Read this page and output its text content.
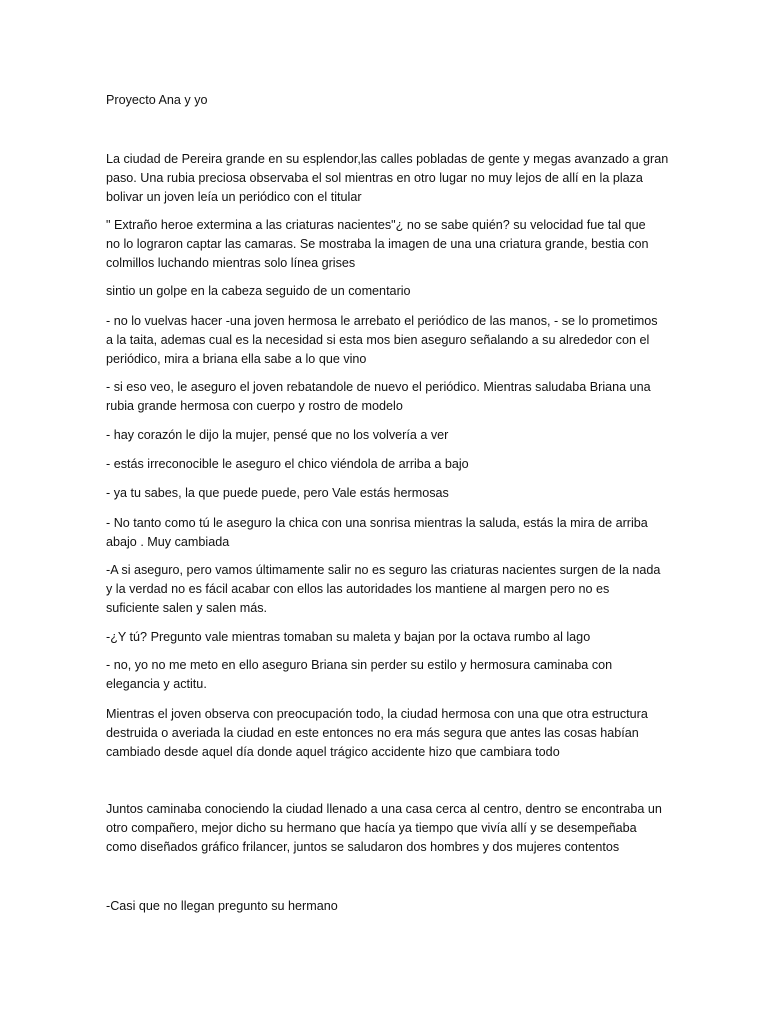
Proyecto Ana y yo

La ciudad de Pereira grande en su esplendor,las calles pobladas de gente y megas avanzado a gran

paso. Una rubia preciosa observaba el sol mientras en otro lugar no muy lejos de allí en la plaza

bolivar un joven leía un periódico con el titular

" Extraño heroe extermina a las criaturas nacientes"¿ no se sabe quién? su velocidad fue tal que

no lo lograron captar las camaras. Se mostraba la imagen de una una criatura grande, bestia con

colmillos luchando mientras solo línea grises

sintio un golpe en la cabeza seguido de un comentario

- no lo vuelvas hacer -una joven hermosa le arrebato el periódico de las manos, - se lo prometimos

a la taita, ademas cual es la necesidad si esta mos bien aseguro señalando a su alrededor con el

periódico, mira a briana ella sabe a lo que vino

- si eso veo, le aseguro el joven rebatandole de nuevo el periódico. Mientras saludaba Briana una

rubia grande hermosa con cuerpo y rostro de modelo

- hay corazón le dijo la mujer, pensé que no los volvería a ver

- estás irreconocible le aseguro el chico viéndola de arriba a bajo

- ya tu sabes, la que puede puede, pero Vale estás hermosas

- No tanto como tú le aseguro la chica con una sonrisa mientras la saluda, estás la mira de arriba

abajo . Muy cambiada

-A si aseguro, pero vamos últimamente salir no es seguro las criaturas nacientes surgen de la nada

y la verdad no es fácil acabar con ellos las autoridades los mantiene al margen pero no es

suficiente salen y salen más.

-¿Y tú? Pregunto vale mientras tomaban su maleta y bajan por la octava rumbo al lago

- no, yo no me meto en ello aseguro Briana sin perder su estilo y hermosura caminaba con

elegancia y actitu.

Mientras el joven observa con preocupación todo, la ciudad hermosa con una que otra estructura

destruida o averiada la ciudad en este entonces no era más segura que antes las cosas habían

cambiado desde aquel día donde aquel trágico accidente hizo que cambiara todo

Juntos caminaba conociendo la ciudad llenado a una casa cerca al centro, dentro se encontraba un

otro compañero, mejor dicho su hermano que hacía ya tiempo que vivía allí y se desempeñaba

como diseñados gráfico frilancer, juntos se saludaron dos hombres y dos mujeres contentos

-Casi que no llegan pregunto su hermano
